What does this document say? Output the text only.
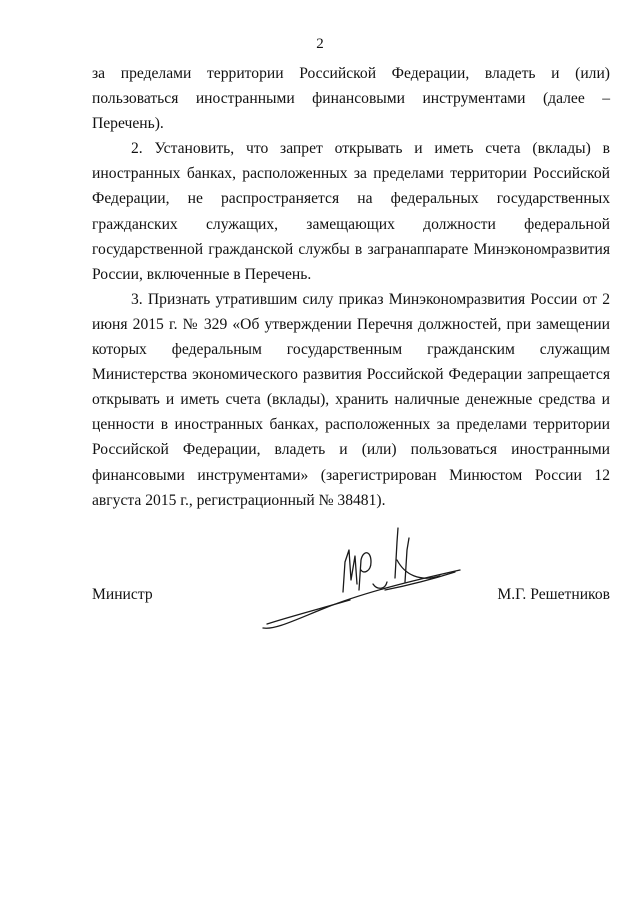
2

за пределами территории Российской Федерации, владеть и (или) пользоваться иностранными финансовыми инструментами (далее – Перечень).

2. Установить, что запрет открывать и иметь счета (вклады) в иностранных банках, расположенных за пределами территории Российской Федерации, не распространяется на федеральных государственных гражданских служащих, замещающих должности федеральной государственной гражданской службы в загранаппарате Минэкономразвития России, включенные в Перечень.

3. Признать утратившим силу приказ Минэкономразвития России от 2 июня 2015 г. № 329 «Об утверждении Перечня должностей, при замещении которых федеральным государственным гражданским служащим Министерства экономического развития Российской Федерации запрещается открывать и иметь счета (вклады), хранить наличные денежные средства и ценности в иностранных банках, расположенных за пределами территории Российской Федерации, владеть и (или) пользоваться иностранными финансовыми инструментами» (зарегистрирован Минюстом России 12 августа 2015 г., регистрационный № 38481).

Министр	М.Г. Решетников
